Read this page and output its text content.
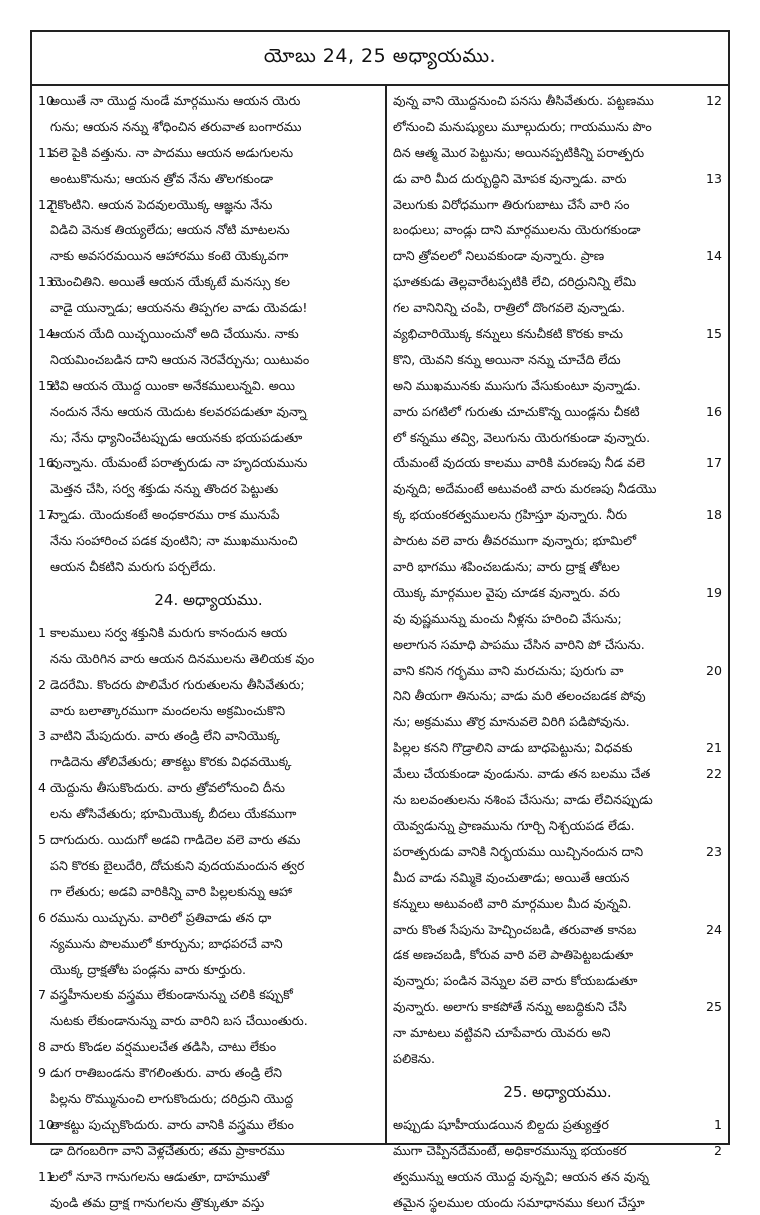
యోబు 24, 25 అధ్యాయము.
10
అయితే నా యొద్ద నుండే మార్గమును ఆయన యెరు
గును; ఆయన నన్ను శోధించిన తరువాత బంగారము
11
వలె పైకి వత్తును. నా పాదము ఆయన అడుగులను
అంటుకొనును; ఆయన త్రోవ నేను తొలగకుండా
12
గైకొంటిని. ఆయన పెదవులయొక్క ఆజ్ఞను నేను
విడిచి వెనుక తియ్యలేదు; ఆయన నోటి మాటలను
నాకు అవసరమయిన ఆహారము కంటె యెక్కువగా
13
యెంచితిని. అయితే ఆయన యేక్కటే మనస్సు కల
వాడై యున్నాడు; ఆయనను తిప్పగల వాడు యెవడు!
14
ఆయన యేది యిచ్ఛయించునో అది చేయును. నాకు
నియమించబడిన దాని ఆయన నెరవేర్చును; యిటువం
15
టివి ఆయన యొద్ద యింకా అనేకములున్నవి. అయి
నందున నేను ఆయన యెదుట కలవరపడుతూ వున్నా
ను; నేను ధ్యానించేటప్పుడు ఆయనకు భయపడుతూ
16
వున్నాను. యేమంటే పరాత్పరుడు నా హృదయమును
మెత్తన చేసి, సర్వ శక్తుడు నన్ను తొందర పెట్టుతు
17
న్నాడు. యెందుకంటే అంధకారము రాక మునుపే
నేను సంహారించ పడక వుంటిని; నా ముఖమునుంచి
ఆయన చీకటిని మరుగు పర్చలేదు.
24. అధ్యాయము.
1 కాలములు సర్వ శక్తునికి మరుగు కానందున ఆయ
నను యెరిగిన వారు ఆయన దినములను తెలియక వుం
2 డెదరేమి. కొందరు పొలిమేర గురుతులను తీసివేతురు;
వారు బలాత్కారముగా మందలను అక్రమించుకొని
3 వాటిని మేపుదురు. వారు తండ్రి లేని వానియొక్క
గాడిదెను తోలివేతురు; తాకట్టు కొరకు విధవయొక్క
4 యెద్దును తీసుకొందురు. వారు త్రోవలోనుంచి దీను
లను తోసివేతురు; భూమియొక్క బీదలు యేకముగా
5 దాగుదురు. యిదుగో అడవి గాడిదెల వలె వారు తమ
పని కొరకు బైలుదేరి, దోచుకుని వుదయమందున త్వర
గా లేతురు; అడవి వారికిన్ని వారి పిల్లలకున్ను ఆహా
6 రమును యిచ్చును. వారిలో ప్రతివాడు తన ధా
న్యమును పొలములో కూర్చును; బాధపరచే వాని
యొక్క ద్రాక్షతోట పండ్లను వారు కూర్తురు.
7 వస్త్రహీనులకు వస్త్రము లేకుండానున్ను చలికి కప్పుకో
నుటకు లేకుండానున్ను వారు వారిని బస చేయింతురు.
8 వారు కొండల వర్షములచేత తడిసి, చాటు లేకుం
9 డుగ రాతిబండను కౌగలింతురు. వారు తండ్రి లేని
పిల్లను రొమ్మునుంచి లాగుకొందురు; దరిద్రుని యొద్ద
10
తాకట్టు పుచ్చుకొందురు. వారు వానికి వస్త్రము లేకుం
డా దిగంబరిగా వాని వెళ్లచేతురు; తమ ప్రాకారము
11
లలో నూనె గానుగలను ఆడుతూ, దాహముతో
వుండి తమ ద్రాక్ష గానుగలను త్రొక్కుతూ వస్తు
12
వున్న వాని యొద్దనుంచి పనసు తీసివేతురు. పట్టణము
లోనుంచి మనుష్యులు మూల్గుదురు; గాయమును పొం
దిన ఆత్మ మొర పెట్టును; అయినప్పటికిన్ని పరాత్పరు
13
డు వారి మీద దుర్బుద్ధిని మోపక వున్నాడు. వారు
వెలుగుకు విరోధముగా తిరుగుబాటు చేసే వారి సం
బంధులు; వాండ్లు దాని మార్గములను యెరుగకుండా
14
దాని త్రోవలలో నిలువకుండా వున్నారు. ప్రాణ
ఘాతకుడు తెల్లవారేటప్పటికి లేచి, దరిద్రునిన్ని లేమి
గల వానినిన్ని చంపి, రాత్రిలో దొంగవలె వున్నాడు.
15
వ్యభిచారియొక్క కన్నులు కనుచీకటి కొరకు కాచు
కొని, యెవని కన్ను అయినా నన్ను చూచేది లేదు
అని ముఖమునకు ముసుగు వేసుకుంటూ వున్నాడు.
16
వారు పగటిలో గురుతు చూచుకొన్న యిండ్లను చీకటి
లో కన్నము తవ్వి, వెలుగును యెరుగకుండా వున్నారు.
17
యేమంటే వుదయ కాలము వారికి మరణపు నీడ వలె
వున్నది; అదేమంటే అటువంటి వారు మరణపు నీడయొ
18
క్క భయంకరత్వములను గ్రహిస్తూ వున్నారు. నీరు
పారుట వలె వారు తీవరముగా వున్నారు; భూమిలో
వారి భాగము శపించబడును; వారు ద్రాక్ష తోటల
19
యొక్క మార్గముల వైపు చూడక వున్నారు. వరు
వు వుష్ణమున్ను మంచు నీళ్లను హరించి వేసును;
అలాగున సమాధి పాపము చేసిన వారిని పో చేసును.
20
వాని కనిన గర్భము వాని మరచును; పురుగు వా
నిని తీయగా తినును; వాడు మరి తలంచబడక పోవు
ను; అక్రమము తొర్ర మానువలె విరిగి పడిపోవును.
21
పిల్లల కనని గొడ్రాలిని వాడు బాధపెట్టును; విధవకు
22
మేలు చేయకుండా వుండును. వాడు తన బలము చేత
ను బలవంతులను నశింప చేసును; వాడు లేచినప్పుడు
యెవ్వడున్ను ప్రాణమును గూర్చి నిశ్చయపడ లేడు.
23
పరాత్పరుడు వానికి నిర్భయము యిచ్చినందున దాని
మీద వాడు నమ్మికె వుంచుతాడు; అయితే ఆయన
కన్నులు అటువంటి వారి మార్గముల మీద వున్నవి.
24
వారు కొంత సేపును హెచ్చించబడి, తరువాత కానబ
డక అణచబడి, కోరువ వారి వలె పాతిపెట్టబడుతూ
వున్నారు; పండిన వెన్నుల వలె వారు కోయబడుతూ
25
వున్నారు. అలాగు కాకపోతే నన్ను అబద్ధికుని చేసి
నా మాటలు వట్టివని చూపేవారు యెవరు అని
పలికెను.
25. అధ్యాయము.
1
అప్పుడు షూహీయుడయిన బిల్దదు ప్రత్యుత్తర
2
ముగా చెప్పినదేమంటే, అధికారమున్ను భయంకర
త్వమున్ను ఆయన యొద్ద వున్నవి; ఆయన తన వున్న
తమైన స్థలముల యందు సమాధానము కలుగ చేస్తూ
